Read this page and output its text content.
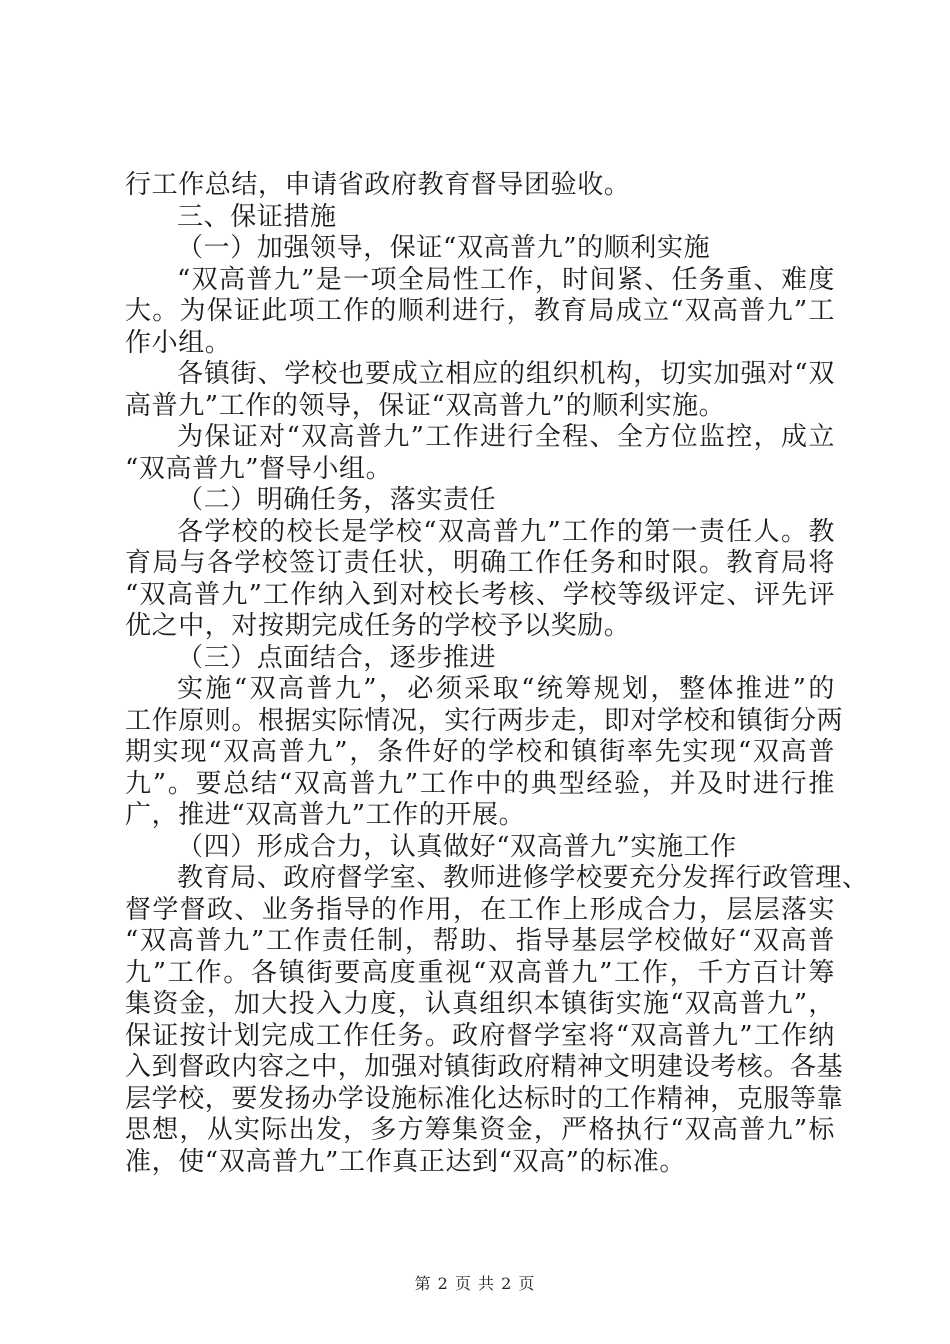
行工作总结，申请省政府教育督导团验收。
三、保证措施
（一）加强领导，保证“双高普九”的顺利实施
“双高普九”是一项全局性工作，时间紧、任务重、难度
大。为保证此项工作的顺利进行，教育局成立“双高普九”工
作小组。
各镇街、学校也要成立相应的组织机构，切实加强对“双
高普九”工作的领导，保证“双高普九”的顺利实施。
为保证对“双高普九”工作进行全程、全方位监控，成立
“双高普九”督导小组。
（二）明确任务，落实责任
各学校的校长是学校“双高普九”工作的第一责任人。教
育局与各学校签订责任状，明确工作任务和时限。教育局将
“双高普九”工作纳入到对校长考核、学校等级评定、评先评
优之中，对按期完成任务的学校予以奖励。
（三）点面结合，逐步推进
实施“双高普九”，必须采取“统筹规划，整体推进”的
工作原则。根据实际情况，实行两步走，即对学校和镇街分两
期实现“双高普九”，条件好的学校和镇街率先实现“双高普
九”。要总结“双高普九”工作中的典型经验，并及时进行推
广，推进“双高普九”工作的开展。
（四）形成合力，认真做好“双高普九”实施工作
教育局、政府督学室、教师进修学校要充分发挥行政管理、
督学督政、业务指导的作用，在工作上形成合力，层层落实
“双高普九”工作责任制，帮助、指导基层学校做好“双高普
九”工作。各镇街要高度重视“双高普九”工作，千方百计筹
集资金，加大投入力度，认真组织本镇街实施“双高普九”，
保证按计划完成工作任务。政府督学室将“双高普九”工作纳
入到督政内容之中，加强对镇街政府精神文明建设考核。各基
层学校，要发扬办学设施标准化达标时的工作精神，克服等靠
思想，从实际出发，多方筹集资金，严格执行“双高普九”标
准，使“双高普九”工作真正达到“双高”的标准。
第 2 页 共 2 页
